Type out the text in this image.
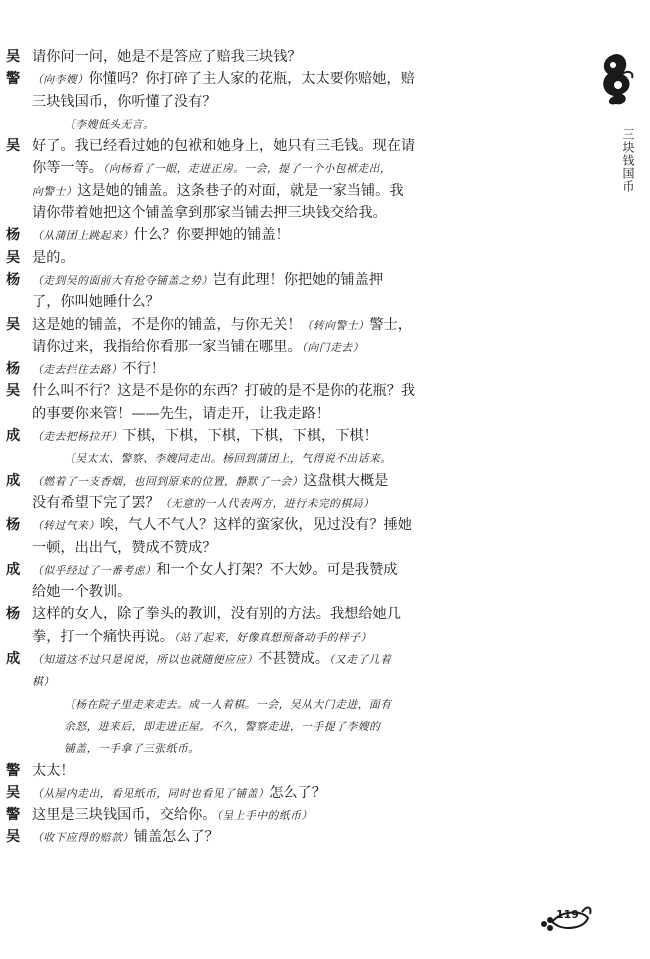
三块钱国币
吴 请你问一问，她是不是答应了赔我三块钱？
警	（向李嫂）你懂吗？你打碎了主人家的花瓶，太太要你赔她，赔
三块钱国币，你听懂了没有？
〔李嫂低头无言。
吴 好了。我已经看过她的包袱和她身上，她只有三毛钱。现在请
你等一等。（向杨看了一眼，走进正房。一会，提了一个小包袱走出，
向警士）这是她的铺盖。这条巷子的对面，就是一家当铺。我
请你带着她把这个铺盖拿到那家当铺去押三块钱交给我。
杨	（从蒲团上跳起来）什么？你要押她的铺盖！
吴 是的。
杨	（走到吴的面前大有抢夺铺盖之势）岂有此理！你把她的铺盖押
了，你叫她睡什么？
吴 这是她的铺盖，不是你的铺盖，与你无关！（转向警士）警士，
请你过来，我指给你看那一家当铺在哪里。（向门走去）
杨	（走去拦住去路）不行！
吴 什么叫不行？这是不是你的东西？打破的是不是你的花瓶？我
的事要你来管！——先生，请走开，让我走路！
成	（走去把杨拉开）下棋，下棋，下棋，下棋，下棋，下棋！
〔吴太太、警察、李嫂同走出。杨回到蒲团上，气得说不出话来。
成	（燃着了一支香烟，也回到原来的位置，静默了一会）这盘棋大概是
没有希望下完了罢？（无意的一人代表两方，进行未完的棋局）
杨	（转过气来）唉，气人不气人？这样的蛮家伙，见过没有？捶她
一顿，出出气，赞成不赞成？
成	（似乎经过了一番考虑）和一个女人打架？不大妙。可是我赞成
给她一个教训。
杨 这样的女人，除了拳头的教训，没有别的方法。我想给她几
拳，打一个痛快再说。（站了起来，好像真想预备动手的样子）
成	（知道这不过只是说说，所以也就随便应应）不甚赞成。（又走了几着
棋）
〔杨在院子里走来走去。成一人着棋。一会，吴从大门走进，面有
余怒，进来后，即走进正屋。不久，警察走进，一手提了李嫂的
铺盖，一手拿了三张纸币。
警 太太！
吴	（从屋内走出，看见纸币，同时也看见了铺盖）怎么了？
警 这里是三块钱国币，交给你。（呈上手中的纸币）
吴	（收下应得的赔款）铺盖怎么了？
119
